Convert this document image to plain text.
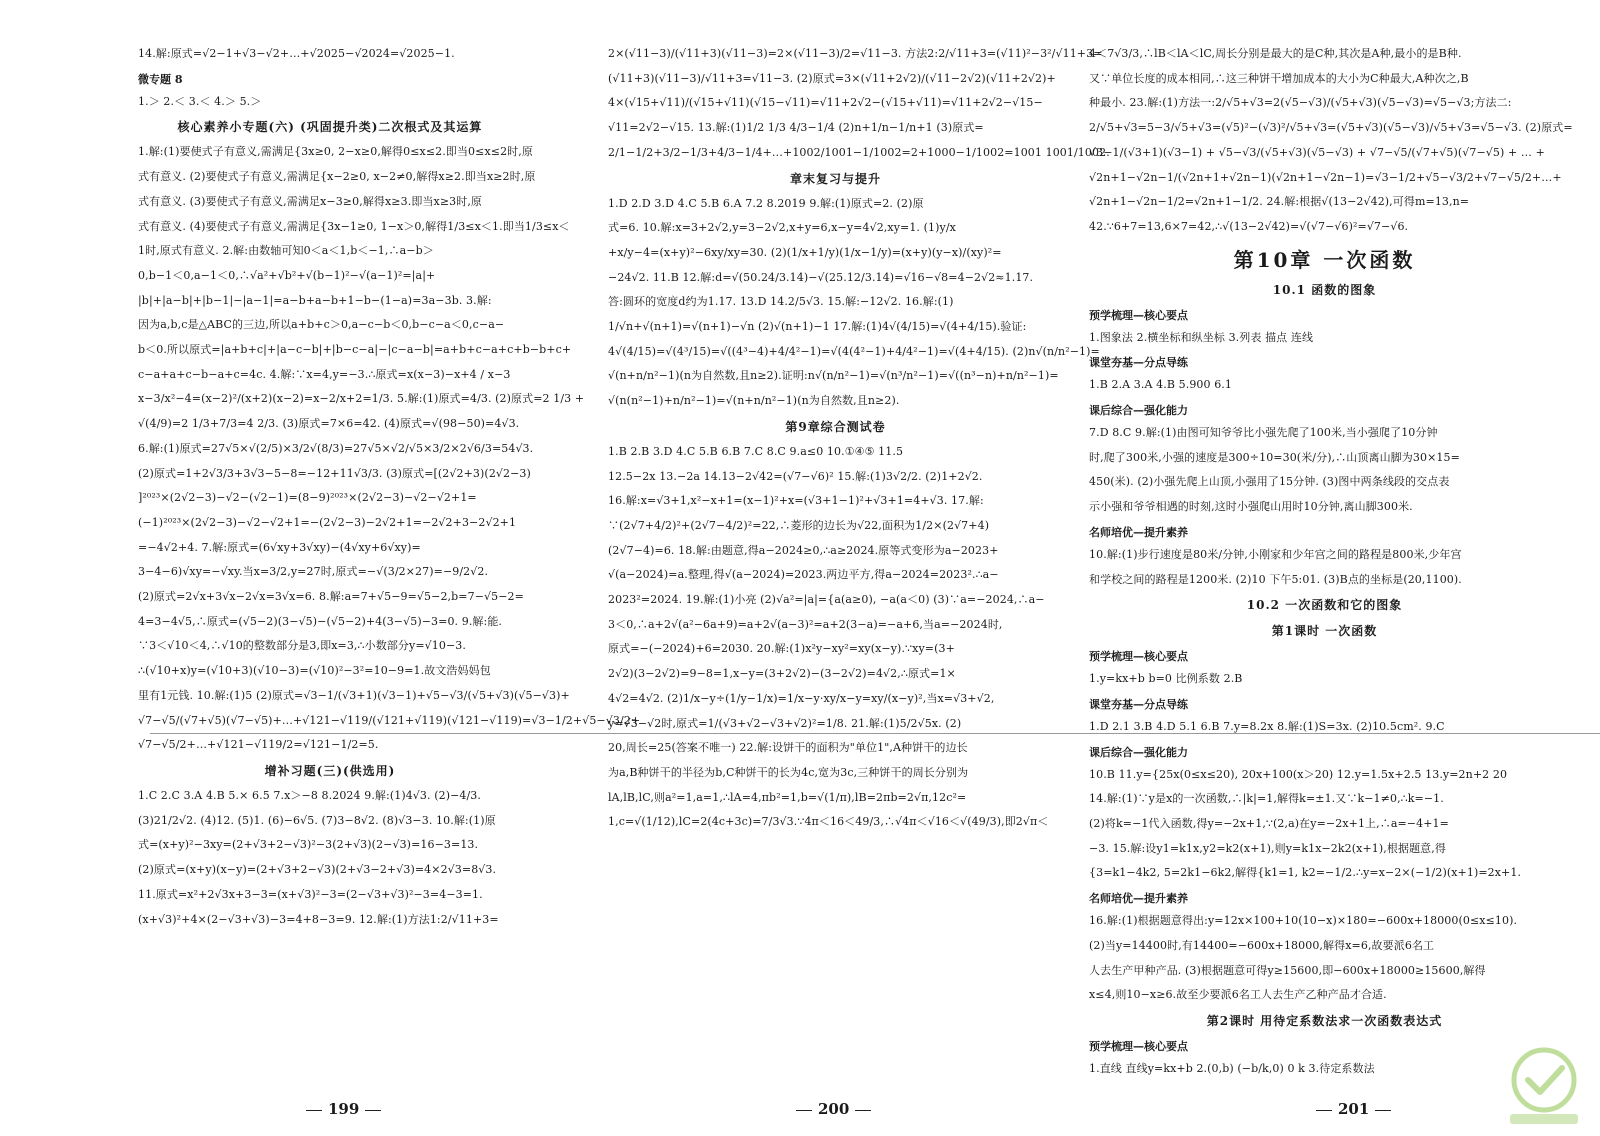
14.解:原式=√2−1+√3−√2+…+√2025−√2024=√2025−1.
微专题 8
1.＞ 2.＜ 3.＜ 4.＞ 5.＞
核心素养小专题(六) (巩固提升类)二次根式及其运算
1.解:(1)要使式子有意义,需满足{3x≥0, 2−x≥0,解得0≤x≤2.即当0≤x≤2时,原
式有意义. (2)要使式子有意义,需满足{x−2≥0, x−2≠0,解得x≥2.即当x≥2时,原
式有意义. (3)要使式子有意义,需满足x−3≥0,解得x≥3.即当x≥3时,原
式有意义. (4)要使式子有意义,需满足{3x−1≥0, 1−x＞0,解得1/3≤x＜1.即当1/3≤x＜
1时,原式有意义. 2.解:由数轴可知0＜a＜1,b＜−1,∴a−b＞
0,b−1＜0,a−1＜0,∴√a²+√b²+√(b−1)²−√(a−1)²=|a|+
|b|+|a−b|+|b−1|−|a−1|=a−b+a−b+1−b−(1−a)=3a−3b. 3.解:
因为a,b,c是△ABC的三边,所以a+b+c＞0,a−c−b＜0,b−c−a＜0,c−a−
b＜0.所以原式=|a+b+c|+|a−c−b|+|b−c−a|−|c−a−b|=a+b+c−a+c+b−b+c+
c−a+a+c−b−a+c=4c. 4.解:∵x=4,y=−3.∴原式=x(x−3)−x+4 / x−3
x−3/x²−4=(x−2)²/(x+2)(x−2)=x−2/x+2=1/3. 5.解:(1)原式=4/3. (2)原式=2 1/3 +
√(4/9)=2 1/3+7/3=4 2/3. (3)原式=7×6=42. (4)原式=√(98−50)=4√3.
6.解:(1)原式=27√5×√(2/5)×3/2√(8/3)=27√5×√2/√5×3/2×2√6/3=54√3.
(2)原式=1+2√3/3+3√3−5−8=−12+11√3/3. (3)原式=[(2√2+3)(2√2−3)
]²⁰²³×(2√2−3)−√2−(√2−1)=(8−9)²⁰²³×(2√2−3)−√2−√2+1=
(−1)²⁰²³×(2√2−3)−√2−√2+1=−(2√2−3)−2√2+1=−2√2+3−2√2+1
=−4√2+4. 7.解:原式=(6√xy+3√xy)−(4√xy+6√xy)=
3−4−6)√xy=−√xy.当x=3/2,y=27时,原式=−√(3/2×27)=−9/2√2.
(2)原式=2√x+3√x−2√x=3√x=6. 8.解:a=7+√5−9=√5−2,b=7−√5−2=
4=3−4√5,∴原式=(√5−2)(3−√5)−(√5−2)+4(3−√5)−3=0. 9.解:能.
∵3＜√10＜4,∴√10的整数部分是3,即x=3,∴小数部分y=√10−3.
∴(√10+x)y=(√10+3)(√10−3)=(√10)²−3²=10−9=1.故文浩妈妈包
里有1元钱. 10.解:(1)5 (2)原式=√3−1/(√3+1)(√3−1)+√5−√3/(√5+√3)(√5−√3)+
√7−√5/(√7+√5)(√7−√5)+…+√121−√119/(√121+√119)(√121−√119)=√3−1/2+√5−√3/2+
√7−√5/2+…+√121−√119/2=√121−1/2=5.
增补习题(三)(供选用)
1.C 2.C 3.A 4.B 5.× 6.5 7.x＞−8 8.2024 9.解:(1)4√3. (2)−4/3.
(3)21/2√2. (4)12. (5)1. (6)−6√5. (7)3−8√2. (8)√3−3. 10.解:(1)原
式=(x+y)²−3xy=(2+√3+2−√3)²−3(2+√3)(2−√3)=16−3=13.
(2)原式=(x+y)(x−y)=(2+√3+2−√3)(2+√3−2+√3)=4×2√3=8√3.
11.原式=x²+2√3x+3−3=(x+√3)²−3=(2−√3+√3)²−3=4−3=1.
(x+√3)²+4×(2−√3+√3)−3=4+8−3=9. 12.解:(1)方法1:2/√11+3=
2×(√11−3)/(√11+3)(√11−3)=2×(√11−3)/2=√11−3. 方法2:2/√11+3=(√11)²−3²/√11+3=
(√11+3)(√11−3)/√11+3=√11−3. (2)原式=3×(√11+2√2)/(√11−2√2)(√11+2√2)+
4×(√15+√11)/(√15+√11)(√15−√11)=√11+2√2−(√15+√11)=√11+2√2−√15−
√11=2√2−√15. 13.解:(1)1/2 1/3 4/3−1/4 (2)n+1/n−1/n+1 (3)原式=
2/1−1/2+3/2−1/3+4/3−1/4+…+1002/1001−1/1002=2+1000−1/1002=1001 1001/1002.
章末复习与提升
1.D 2.D 3.D 4.C 5.B 6.A 7.2 8.2019 9.解:(1)原式=2. (2)原
式=6. 10.解:x=3+2√2,y=3−2√2,x+y=6,x−y=4√2,xy=1. (1)y/x
+x/y−4=(x+y)²−6xy/xy=30. (2)(1/x+1/y)(1/x−1/y)=(x+y)(y−x)/(xy)²=
−24√2. 11.B 12.解:d=√(50.24/3.14)−√(25.12/3.14)=√16−√8=4−2√2≈1.17.
答:圆环的宽度d约为1.17. 13.D 14.2/5√3. 15.解:−12√2. 16.解:(1)
1/√n+√(n+1)=√(n+1)−√n (2)√(n+1)−1 17.解:(1)4√(4/15)=√(4+4/15).验证:
4√(4/15)=√(4³/15)=√((4³−4)+4/4²−1)=√(4(4²−1)+4/4²−1)=√(4+4/15). (2)n√(n/n²−1)=
√(n+n/n²−1)(n为自然数,且n≥2).证明:n√(n/n²−1)=√(n³/n²−1)=√((n³−n)+n/n²−1)=
√(n(n²−1)+n/n²−1)=√(n+n/n²−1)(n为自然数,且n≥2).
第9章综合测试卷
1.B 2.B 3.D 4.C 5.B 6.B 7.C 8.C 9.a≤0 10.①④⑤ 11.5
12.5−2x 13.−2a 14.13−2√42=(√7−√6)² 15.解:(1)3√2/2. (2)1+2√2.
16.解:x=√3+1,x²−x+1=(x−1)²+x=(√3+1−1)²+√3+1=4+√3. 17.解:
∵(2√7+4/2)²+(2√7−4/2)²=22,∴菱形的边长为√22,面积为1/2×(2√7+4)
(2√7−4)=6. 18.解:由题意,得a−2024≥0,∴a≥2024.原等式变形为a−2023+
√(a−2024)=a.整理,得√(a−2024)=2023.两边平方,得a−2024=2023².∴a−
2023²=2024. 19.解:(1)小亮 (2)√a²=|a|={a(a≥0), −a(a＜0) (3)∵a=−2024,∴a−
3＜0,∴a+2√(a²−6a+9)=a+2√(a−3)²=a+2(3−a)=−a+6,当a=−2024时,
原式=−(−2024)+6=2030. 20.解:(1)x²y−xy²=xy(x−y).∵xy=(3+
2√2)(3−2√2)=9−8=1,x−y=(3+2√2)−(3−2√2)=4√2,∴原式=1×
4√2=4√2. (2)1/x−y÷(1/y−1/x)=1/x−y·xy/x−y=xy/(x−y)²,当x=√3+√2,
y=√3−√2时,原式=1/(√3+√2−√3+√2)²=1/8. 21.解:(1)5/2√5x. (2)
20,周长=25(答案不唯一) 22.解:设饼干的面积为"单位1",A种饼干的边长
为a,B种饼干的半径为b,C种饼干的长为4c,宽为3c,三种饼干的周长分别为
lA,lB,lC,则a²=1,a=1,∴lA=4,πb²=1,b=√(1/π),lB=2πb=2√π,12c²=
1,c=√(1/12),lC=2(4c+3c)=7/3√3.∵4π＜16＜49/3,∴√4π＜√16＜√(49/3),即2√π＜
4＜7√3/3,∴lB＜lA＜lC,周长分别是最大的是C种,其次是A种,最小的是B种.
又∵单位长度的成本相同,∴这三种饼干增加成本的大小为C种最大,A种次之,B
种最小. 23.解:(1)方法一:2/√5+√3=2(√5−√3)/(√5+√3)(√5−√3)=√5−√3;方法二:
2/√5+√3=5−3/√5+√3=(√5)²−(√3)²/√5+√3=(√5+√3)(√5−√3)/√5+√3=√5−√3. (2)原式=
√3−1/(√3+1)(√3−1) + √5−√3/(√5+√3)(√5−√3) + √7−√5/(√7+√5)(√7−√5) + … +
√2n+1−√2n−1/(√2n+1+√2n−1)(√2n+1−√2n−1)=√3−1/2+√5−√3/2+√7−√5/2+…+
√2n+1−√2n−1/2=√2n+1−1/2. 24.解:根据√(13−2√42),可得m=13,n=
42.∵6+7=13,6×7=42,∴√(13−2√42)=√(√7−√6)²=√7−√6.
第10章 一次函数
10.1 函数的图象
预学梳理—核心要点
1.图象法 2.横坐标和纵坐标 3.列表 描点 连线
课堂夯基—分点导练
1.B 2.A 3.A 4.B 5.900 6.1
课后综合—强化能力
7.D 8.C 9.解:(1)由图可知爷爷比小强先爬了100米,当小强爬了10分钟
时,爬了300米,小强的速度是300÷10=30(米/分),∴山顶离山脚为30×15=
450(米). (2)小强先爬上山顶,小强用了15分钟. (3)图中两条线段的交点表
示小强和爷爷相遇的时刻,这时小强爬山用时10分钟,离山脚300米.
名师培优—提升素养
10.解:(1)步行速度是80米/分钟,小刚家和少年宫之间的路程是800米,少年宫
和学校之间的路程是1200米. (2)10 下午5:01. (3)B点的坐标是(20,1100).
10.2 一次函数和它的图象
第1课时 一次函数
预学梳理—核心要点
1.y=kx+b b=0 比例系数 2.B
课堂夯基—分点导练
1.D 2.1 3.B 4.D 5.1 6.B 7.y=8.2x 8.解:(1)S=3x. (2)10.5cm². 9.C
课后综合—强化能力
10.B 11.y={25x(0≤x≤20), 20x+100(x＞20) 12.y=1.5x+2.5 13.y=2n+2 20
14.解:(1)∵y是x的一次函数,∴|k|=1,解得k=±1.又∵k−1≠0,∴k=−1.
(2)将k=−1代入函数,得y=−2x+1,∵(2,a)在y=−2x+1上,∴a=−4+1=
−3. 15.解:设y1=k1x,y2=k2(x+1),则y=k1x−2k2(x+1),根据题意,得
{3=k1−4k2, 5=2k1−6k2,解得{k1=1, k2=−1/2.∴y=x−2×(−1/2)(x+1)=2x+1.
名师培优—提升素养
16.解:(1)根据题意得出:y=12x×100+10(10−x)×180=−600x+18000(0≤x≤10).
(2)当y=14400时,有14400=−600x+18000,解得x=6,故要派6名工
人去生产甲种产品. (3)根据题意可得y≥15600,即−600x+18000≥15600,解得
x≤4,则10−x≥6.故至少要派6名工人去生产乙种产品才合适.
第2课时 用待定系数法求一次函数表达式
预学梳理—核心要点
1.直线 直线y=kx+b 2.(0,b) (−b/k,0) 0 k 3.待定系数法
199	200	201
